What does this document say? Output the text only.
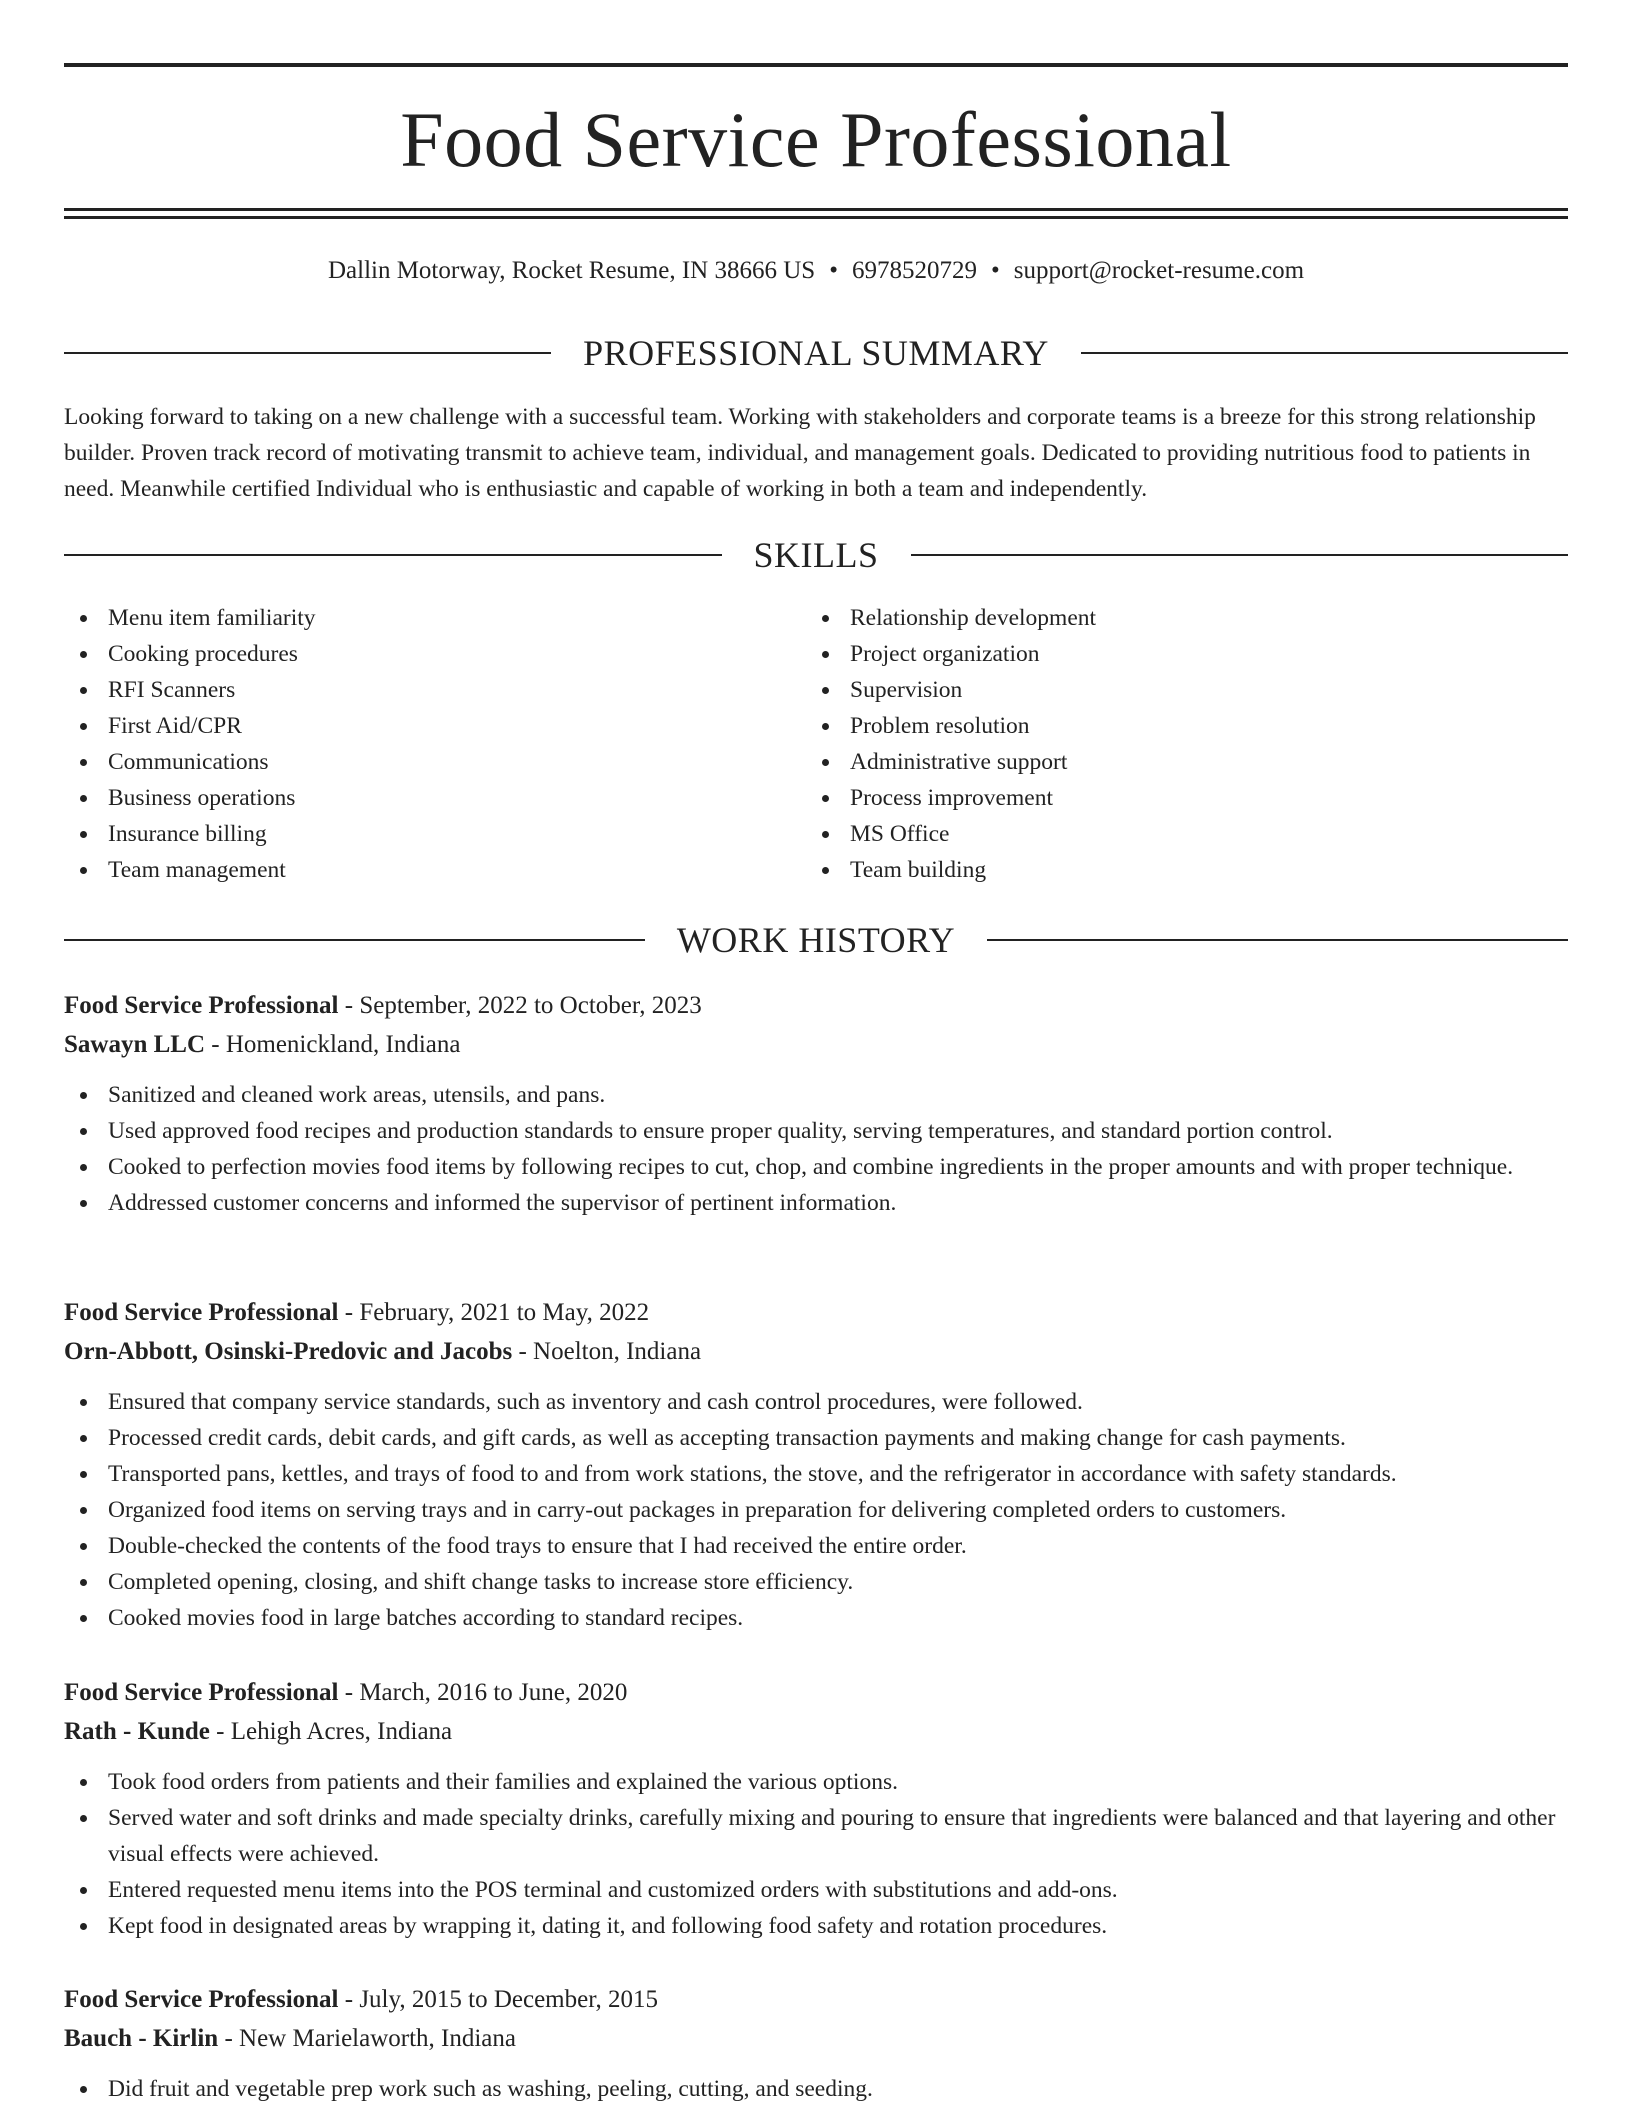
Food Service Professional
Dallin Motorway, Rocket Resume, IN 38666 US • 6978520729 • support@rocket-resume.com
PROFESSIONAL SUMMARY

Looking forward to taking on a new challenge with a successful team. Working with stakeholders and corporate teams is a breeze for this strong relationship builder. Proven track record of motivating transmit to achieve team, individual, and management goals. Dedicated to providing nutritious food to patients in need. Meanwhile certified Individual who is enthusiastic and capable of working in both a team and independently.

SKILLS
Menu item familiarity
Cooking procedures
RFI Scanners
First Aid/CPR
Communications
Business operations
Insurance billing
Team management
Relationship development
Project organization
Supervision
Problem resolution
Administrative support
Process improvement
MS Office
Team building
WORK HISTORY
Food Service Professional - September, 2022 to October, 2023
Sawayn LLC - Homenickland, Indiana
Sanitized and cleaned work areas, utensils, and pans.
Used approved food recipes and production standards to ensure proper quality, serving temperatures, and standard portion control.
Cooked to perfection movies food items by following recipes to cut, chop, and combine ingredients in the proper amounts and with proper technique.
Addressed customer concerns and informed the supervisor of pertinent information.
Food Service Professional - February, 2021 to May, 2022
Orn-Abbott, Osinski-Predovic and Jacobs - Noelton, Indiana
Ensured that company service standards, such as inventory and cash control procedures, were followed.
Processed credit cards, debit cards, and gift cards, as well as accepting transaction payments and making change for cash payments.
Transported pans, kettles, and trays of food to and from work stations, the stove, and the refrigerator in accordance with safety standards.
Organized food items on serving trays and in carry-out packages in preparation for delivering completed orders to customers.
Double-checked the contents of the food trays to ensure that I had received the entire order.
Completed opening, closing, and shift change tasks to increase store efficiency.
Cooked movies food in large batches according to standard recipes.
Food Service Professional - March, 2016 to June, 2020
Rath - Kunde - Lehigh Acres, Indiana
Took food orders from patients and their families and explained the various options.
Served water and soft drinks and made specialty drinks, carefully mixing and pouring to ensure that ingredients were balanced and that layering and other visual effects were achieved.
Entered requested menu items into the POS terminal and customized orders with substitutions and add-ons.
Kept food in designated areas by wrapping it, dating it, and following food safety and rotation procedures.
Food Service Professional - July, 2015 to December, 2015
Bauch - Kirlin - New Marielaworth, Indiana
Did fruit and vegetable prep work such as washing, peeling, cutting, and seeding.
